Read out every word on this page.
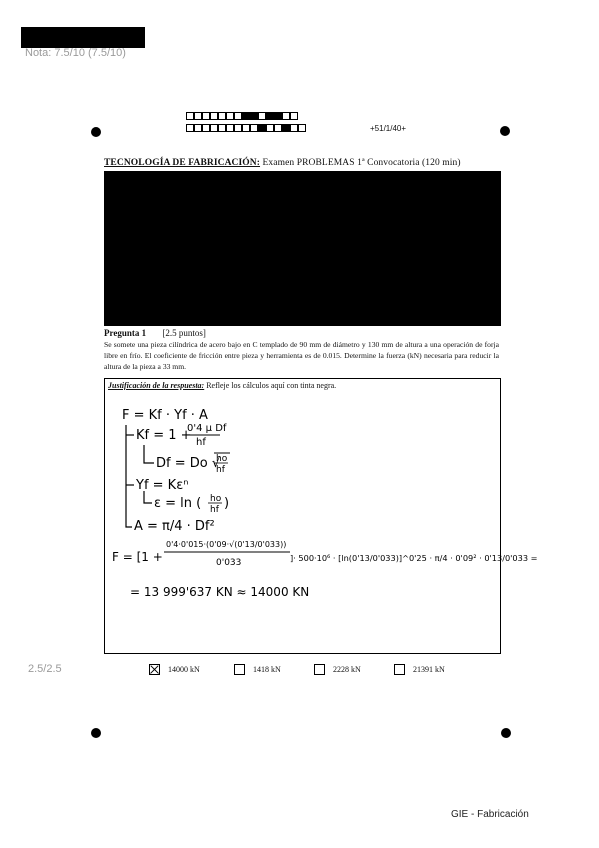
Nota: 7.5/10 (7.5/10)
+51/1/40+
TECNOLOGÍA DE FABRICACIÓN: Examen PROBLEMAS 1ª Convocatoria (120 min)
Pregunta 1 [2.5 puntos]
Se somete una pieza cilíndrica de acero bajo en C templado de 90 mm de diámetro y 130 mm de altura a una operación de forja libre en frío. El coeficiente de fricción entre pieza y herramienta es de 0.015. Determine la fuerza (kN) necesaria para reducir la altura de la pieza a 33 mm.
Justificación de la respuesta: Refleje los cálculos aquí con tinta negra.
F = Kf · Yf · A
Kf = 1 +
0'4 μ Df
hf
Df = Do √
ho
hf
Yf = Kεⁿ
ε = ln ( ho
hf )
A = π/4 · Df²
F = [1 +
0'4·0'015·(0'09·√(0'13/0'033))
0'033	]· 500·10⁶ · [ln(0'13/0'033)]^0'25 · π/4 · 0'09² · 0'13/0'033 =
= 13 999'637 KN ≈ 14000 KN
2.5/2.5	14000 kN	1418 kN	2228 kN	21391 kN
GIE - Fabricación
